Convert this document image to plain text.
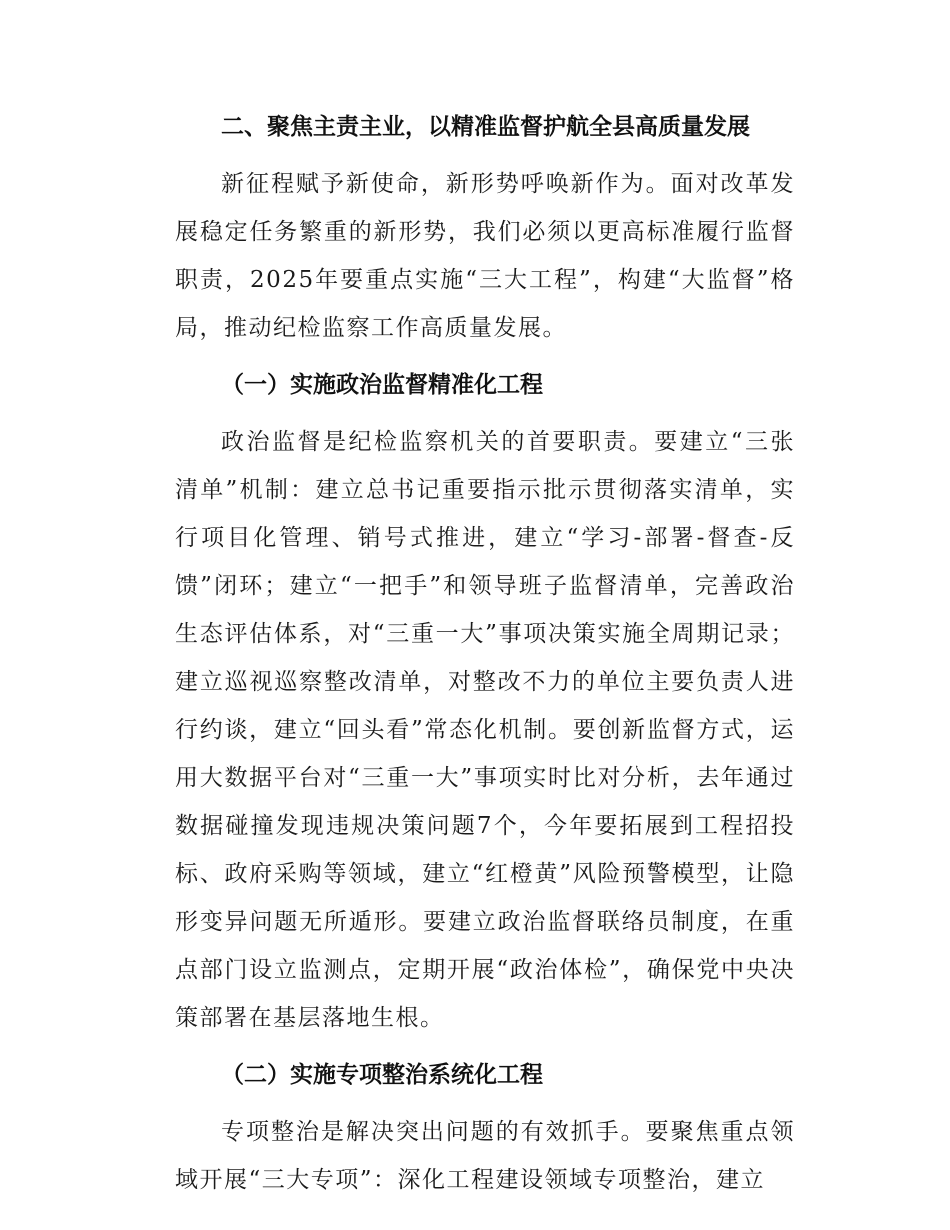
二、聚焦主责主业，以精准监督护航全县高质量发展

新征程赋予新使命，新形势呼唤新作为。面对改革发展稳定任务繁重的新形势，我们必须以更高标准履行监督职责，2025年要重点实施“三大工程”，构建“大监督”格局，推动纪检监察工作高质量发展。

（一）实施政治监督精准化工程

政治监督是纪检监察机关的首要职责。要建立“三张清单”机制：建立总书记重要指示批示贯彻落实清单，实行项目化管理、销号式推进，建立“学习-部署-督查-反馈”闭环；建立“一把手”和领导班子监督清单，完善政治生态评估体系，对“三重一大”事项决策实施全周期记录；建立巡视巡察整改清单，对整改不力的单位主要负责人进行约谈，建立“回头看”常态化机制。要创新监督方式，运用大数据平台对“三重一大”事项实时比对分析，去年通过数据碰撞发现违规决策问题7个，今年要拓展到工程招投标、政府采购等领域，建立“红橙黄”风险预警模型，让隐形变异问题无所遁形。要建立政治监督联络员制度，在重点部门设立监测点，定期开展“政治体检”，确保党中央决策部署在基层落地生根。

（二）实施专项整治系统化工程

专项整治是解决突出问题的有效抓手。要聚焦重点领域开展“三大专项”：深化工程建设领域专项整治，建立
